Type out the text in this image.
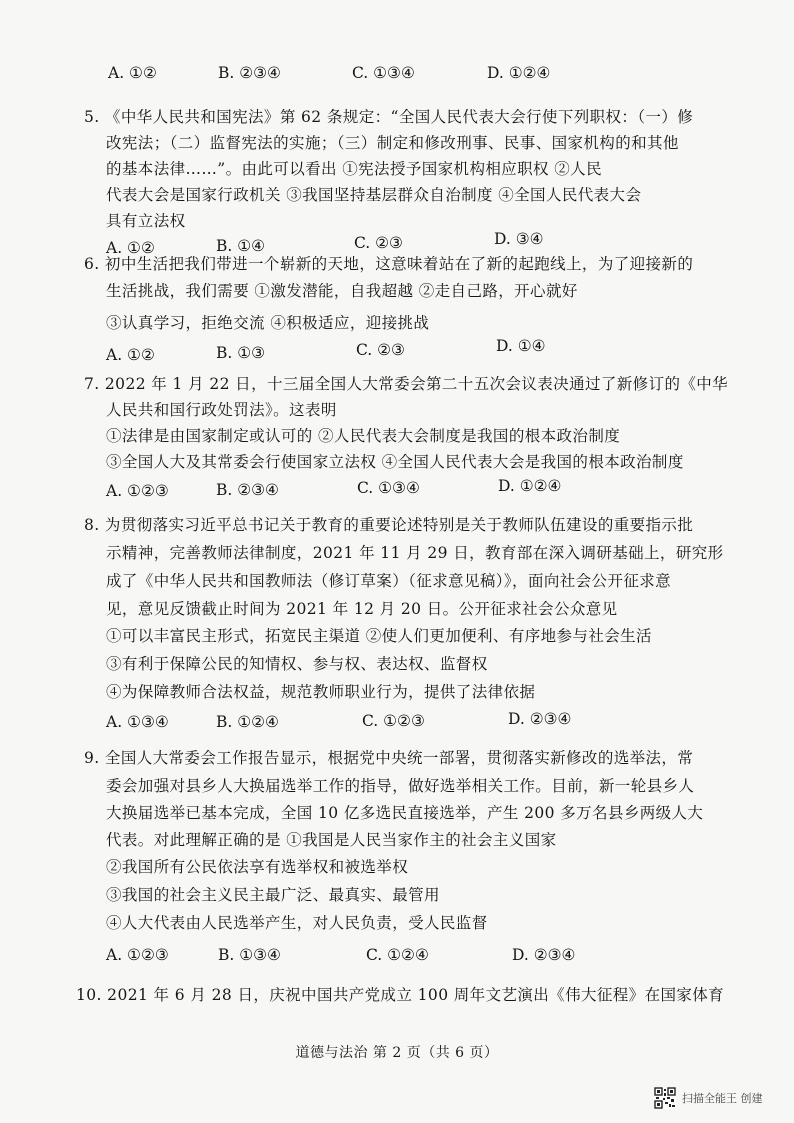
A. ①②	B. ②③④	C. ①③④	D. ①②④
5. 《中华人民共和国宪法》第 62 条规定：“全国人民代表大会行使下列职权：（一）修
改宪法；（二）监督宪法的实施；（三）制定和修改刑事、民事、国家机构的和其他
的基本法律……”。由此可以看出 ①宪法授予国家机构相应职权 ②人民
代表大会是国家行政机关 ③我国坚持基层群众自治制度 ④全国人民代表大会
具有立法权
A. ①②	B. ①④	C. ②③	D. ③④
6. 初中生活把我们带进一个崭新的天地，这意味着站在了新的起跑线上，为了迎接新的
生活挑战，我们需要 ①激发潜能，自我超越 ②走自己路，开心就好
③认真学习，拒绝交流 ④积极适应，迎接挑战
A. ①②	B. ①③	C. ②③	D. ①④
7. 2022 年 1 月 22 日，十三届全国人大常委会第二十五次会议表决通过了新修订的《中华
人民共和国行政处罚法》。这表明
①法律是由国家制定或认可的 ②人民代表大会制度是我国的根本政治制度
③全国人大及其常委会行使国家立法权 ④全国人民代表大会是我国的根本政治制度
A. ①②③	B. ②③④	C. ①③④	D. ①②④
8. 为贯彻落实习近平总书记关于教育的重要论述特别是关于教师队伍建设的重要指示批
示精神，完善教师法律制度，2021 年 11 月 29 日，教育部在深入调研基础上，研究形
成了《中华人民共和国教师法（修订草案）（征求意见稿）》，面向社会公开征求意
见，意见反馈截止时间为 2021 年 12 月 20 日。公开征求社会公众意见
①可以丰富民主形式，拓宽民主渠道 ②使人们更加便利、有序地参与社会生活
③有利于保障公民的知情权、参与权、表达权、监督权
④为保障教师合法权益，规范教师职业行为，提供了法律依据
A. ①③④	B. ①②④	C. ①②③	D. ②③④
9. 全国人大常委会工作报告显示，根据党中央统一部署，贯彻落实新修改的选举法，常
委会加强对县乡人大换届选举工作的指导，做好选举相关工作。目前，新一轮县乡人
大换届选举已基本完成，全国 10 亿多选民直接选举，产生 200 多万名县乡两级人大
代表。对此理解正确的是 ①我国是人民当家作主的社会主义国家
②我国所有公民依法享有选举权和被选举权
③我国的社会主义民主最广泛、最真实、最管用
④人大代表由人民选举产生，对人民负责，受人民监督
A. ①②③	B. ①③④	C. ①②④	D. ②③④
10. 2021 年 6 月 28 日，庆祝中国共产党成立 100 周年文艺演出《伟大征程》在国家体育
道德与法治 第 2 页（共 6 页）
扫描全能王 创建
